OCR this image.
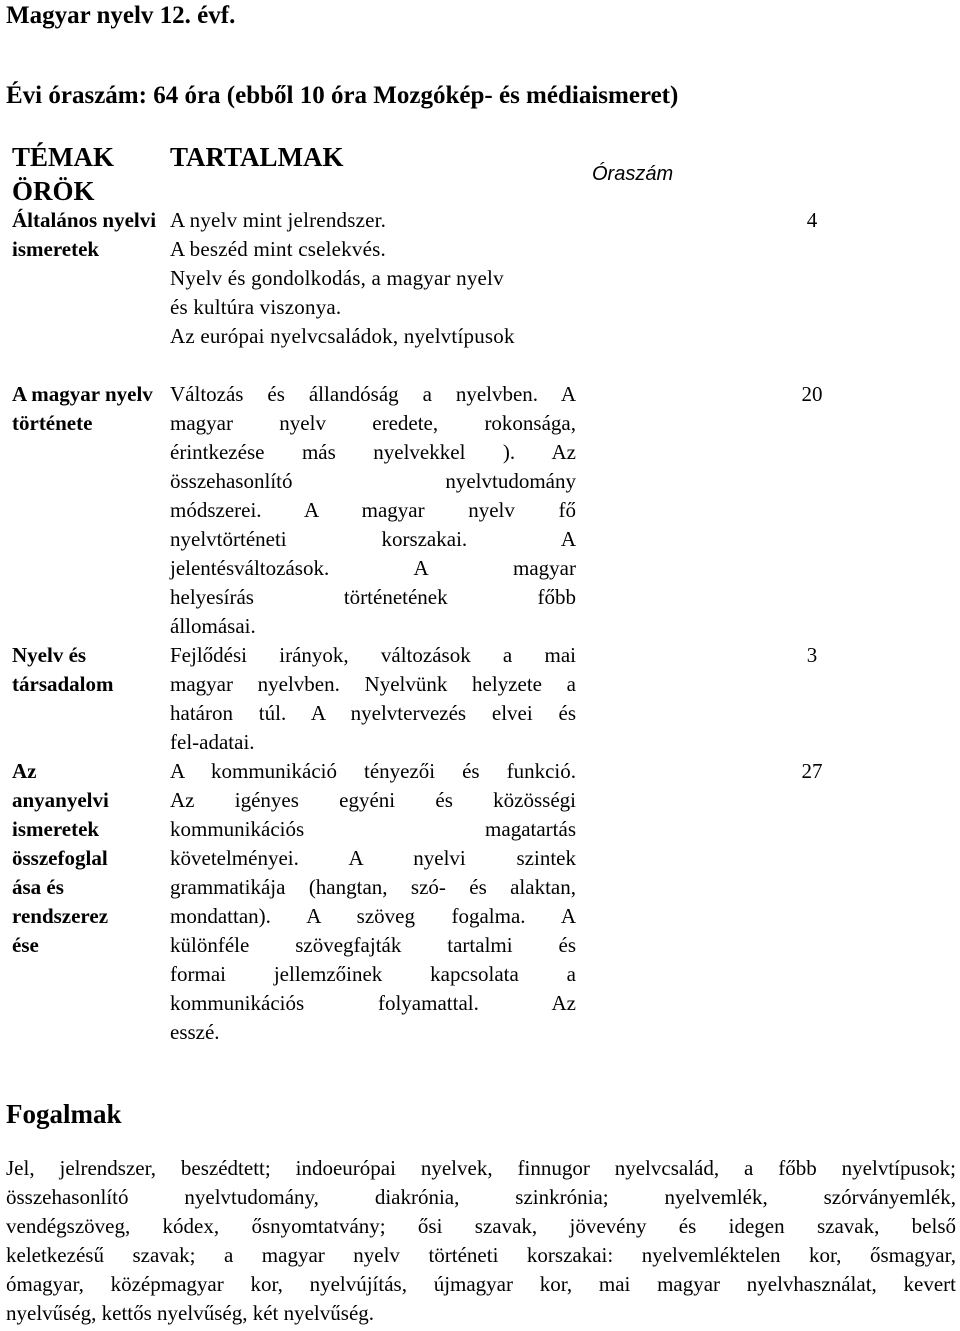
Magyar nyelv 12. évf.
Évi óraszám: 64 óra (ebből 10 óra Mozgókép- és médiaismeret)
TÉMAK ÖRÖK
TARTALMAK
Óraszám
Általános nyelvi ismeretek
A nyelv mint jelrendszer.
A beszéd mint cselekvés.
Nyelv és gondolkodás, a magyar nyelv
és kultúra viszonya.
Az európai nyelvcsaládok, nyelvtípusok
4
A magyar nyelv története
Változás és állandóság a nyelvben. A
magyar nyelv eredete, rokonsága,
érintkezése más nyelvekkel ). Az
összehasonlító nyelvtudomány
módszerei. A magyar nyelv fő
nyelvtörténeti korszakai. A
jelentésváltozások. A magyar
helyesírás történetének főbb
állomásai.
20
Nyelv és társadalom
Fejlődési irányok, változások a mai
magyar nyelvben. Nyelvünk helyzete a
határon túl. A nyelvtervezés elvei és
fel-adatai.
3
Az
anyanyelvi
ismeretek
összefoglal
ása és
rendszerez
ése
A kommunikáció tényezői és funkció.
Az igényes egyéni és közösségi
kommunikációs magatartás
követelményei. A nyelvi szintek
grammatikája (hangtan, szó- és alaktan,
mondattan). A szöveg fogalma. A
különféle szövegfajták tartalmi és
formai jellemzőinek kapcsolata a
kommunikációs folyamattal. Az
esszé.
27
Fogalmak
Jel, jelrendszer, beszédtett; indoeurópai nyelvek, finnugor nyelvcsalád, a főbb nyelvtípusok;
összehasonlító nyelvtudomány, diakrónia, szinkrónia; nyelvemlék, szórványemlék,
vendégszöveg, kódex, ősnyomtatvány; ősi szavak, jövevény és idegen szavak, belső
keletkezésű szavak; a magyar nyelv történeti korszakai: nyelvemléktelen kor, ősmagyar,
ómagyar, középmagyar kor, nyelvújítás, újmagyar kor, mai magyar nyelvhasználat, kevert
nyelvűség, kettős nyelvűség, két nyelvűség.
